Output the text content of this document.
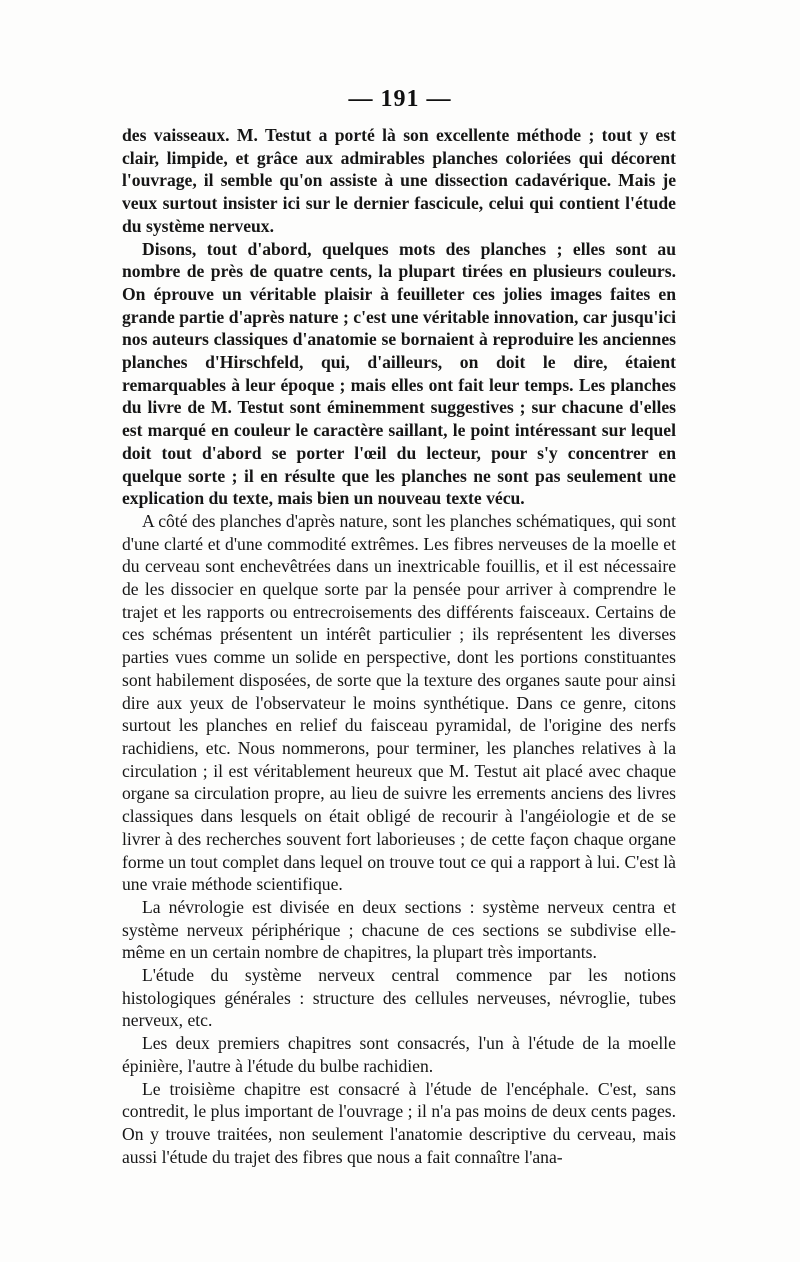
— 191 —

des vaisseaux. M. Testut a porté là son excellente méthode ; tout y est clair, limpide, et grâce aux admirables planches coloriées qui décorent l'ouvrage, il semble qu'on assiste à une dissection cadavérique. Mais je veux surtout insister ici sur le dernier fascicule, celui qui contient l'étude du système nerveux.

Disons, tout d'abord, quelques mots des planches ; elles sont au nombre de près de quatre cents, la plupart tirées en plusieurs couleurs. On éprouve un véritable plaisir à feuilleter ces jolies images faites en grande partie d'après nature ; c'est une véritable innovation, car jusqu'ici nos auteurs classiques d'anatomie se bornaient à reproduire les anciennes planches d'Hirschfeld, qui, d'ailleurs, on doit le dire, étaient remarquables à leur époque ; mais elles ont fait leur temps. Les planches du livre de M. Testut sont éminemment suggestives ; sur chacune d'elles est marqué en couleur le caractère saillant, le point intéressant sur lequel doit tout d'abord se porter l'œil du lecteur, pour s'y concentrer en quelque sorte ; il en résulte que les planches ne sont pas seulement une explication du texte, mais bien un nouveau texte vécu.

A côté des planches d'après nature, sont les planches schématiques, qui sont d'une clarté et d'une commodité extrêmes. Les fibres nerveuses de la moelle et du cerveau sont enchevêtrées dans un inextricable fouillis, et il est nécessaire de les dissocier en quelque sorte par la pensée pour arriver à comprendre le trajet et les rapports ou entrecroisements des différents faisceaux. Certains de ces schémas présentent un intérêt particulier ; ils représentent les diverses parties vues comme un solide en perspective, dont les portions constituantes sont habilement disposées, de sorte que la texture des organes saute pour ainsi dire aux yeux de l'observateur le moins synthétique. Dans ce genre, citons surtout les planches en relief du faisceau pyramidal, de l'origine des nerfs rachidiens, etc. Nous nommerons, pour terminer, les planches relatives à la circulation ; il est véritablement heureux que M. Testut ait placé avec chaque organe sa circulation propre, au lieu de suivre les errements anciens des livres classiques dans lesquels on était obligé de recourir à l'angéiologie et de se livrer à des recherches souvent fort laborieuses ; de cette façon chaque organe forme un tout complet dans lequel on trouve tout ce qui a rapport à lui. C'est là une vraie méthode scientifique.

La névrologie est divisée en deux sections : système nerveux centra et système nerveux périphérique ; chacune de ces sections se subdivise elle-même en un certain nombre de chapitres, la plupart très importants.

L'étude du système nerveux central commence par les notions histologiques générales : structure des cellules nerveuses, névroglie, tubes nerveux, etc.

Les deux premiers chapitres sont consacrés, l'un à l'étude de la moelle épinière, l'autre à l'étude du bulbe rachidien.

Le troisième chapitre est consacré à l'étude de l'encéphale. C'est, sans contredit, le plus important de l'ouvrage ; il n'a pas moins de deux cents pages. On y trouve traitées, non seulement l'anatomie descriptive du cerveau, mais aussi l'étude du trajet des fibres que nous a fait connaître l'ana-
